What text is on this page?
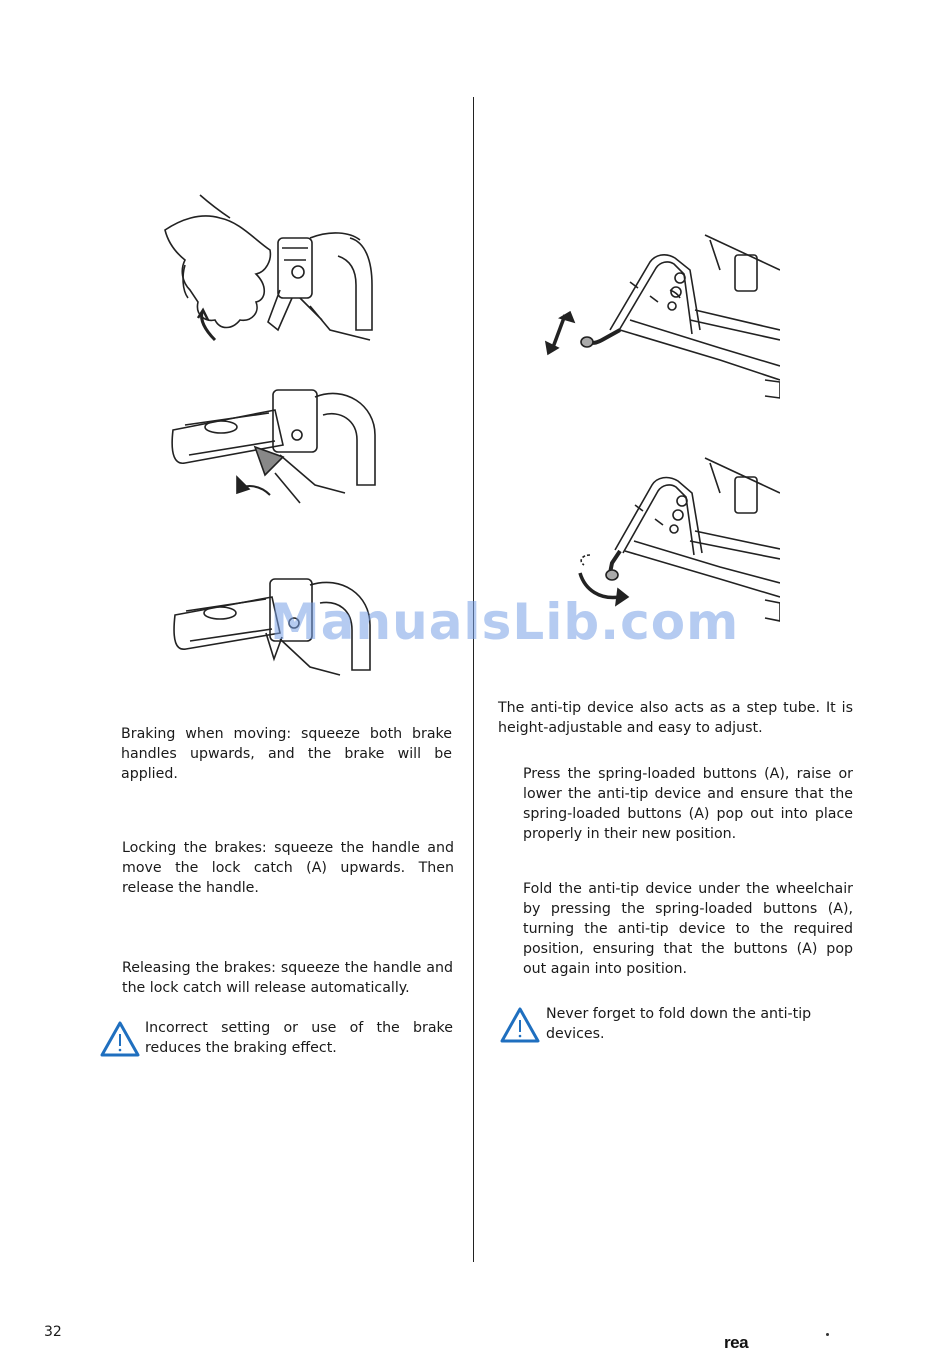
Braking when moving: squeeze both brake handles upwards, and the brake will be applied.

Locking the brakes: squeeze the handle and move the lock catch (A) upwards. Then release the handle.

Releasing the brakes: squeeze the handle and the lock catch will release automatically.

Incorrect setting or use of the brake reduces the braking effect.

The anti-tip device also acts as a step tube. It is height-adjustable and easy to adjust.

Press the spring-loaded buttons (A), raise or lower the anti-tip device and ensure that the spring-loaded buttons (A) pop out into place properly in their new position.

Fold the anti-tip device under the wheelchair by pressing the spring-loaded buttons (A), turning the anti-tip device to the required position, ensuring that the buttons (A) pop out again into position.

Never forget to fold down the anti-tip devices.

ManualsLib.com
32
rea
